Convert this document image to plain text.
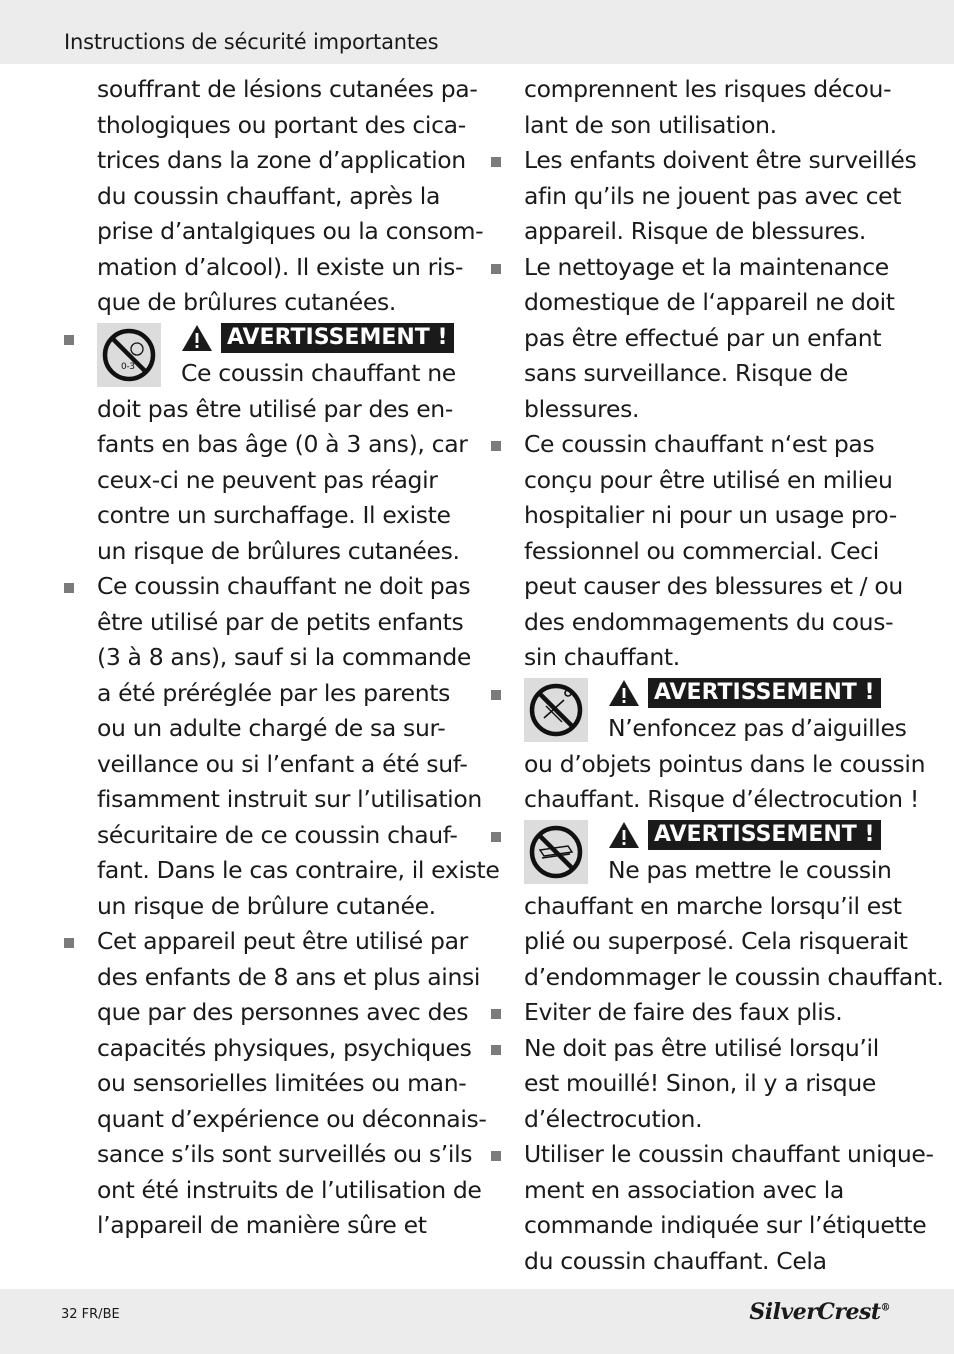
Instructions de sécurité importantes
souffrant de lésions cutanées pa-
thologiques ou portant des cica-
trices dans la zone d’application
du coussin chauffant, après la
prise d’antalgiques ou la consom-
mation d’alcool). Il existe un ris-
que de brûlures cutanées.
0-3
AVERTISSEMENT !
Ce coussin chauffant ne
doit pas être utilisé par des en-
fants en bas âge (0 à 3 ans), car
ceux-ci ne peuvent pas réagir
contre un surchaffage. Il existe
un risque de brûlures cutanées.
Ce coussin chauffant ne doit pas
être utilisé par de petits enfants
(3 à 8 ans), sauf si la commande
a été préréglée par les parents
ou un adulte chargé de sa sur-
veillance ou si l’enfant a été suf-
fisamment instruit sur l’utilisation
sécuritaire de ce coussin chauf-
fant. Dans le cas contraire, il existe
un risque de brûlure cutanée.
Cet appareil peut être utilisé par
des enfants de 8 ans et plus ainsi
que par des personnes avec des
capacités physiques, psychiques
ou sensorielles limitées ou man-
quant d’expérience ou déconnais-
sance s’ils sont surveillés ou s’ils
ont été instruits de l’utilisation de
l’appareil de manière sûre et
comprennent les risques décou-
lant de son utilisation.
Les enfants doivent être surveillés
afin qu’ils ne jouent pas avec cet
appareil. Risque de blessures.
Le nettoyage et la maintenance
domestique de l‘appareil ne doit
pas être effectué par un enfant
sans surveillance. Risque de
blessures.
Ce coussin chauffant n‘est pas
conçu pour être utilisé en milieu
hospitalier ni pour un usage pro-
fessionnel ou commercial. Ceci
peut causer des blessures et / ou
des endommagements du cous-
sin chauffant.
AVERTISSEMENT !
N’enfoncez pas d’aiguilles
ou d’objets pointus dans le coussin
chauffant. Risque d’électrocution !
AVERTISSEMENT !
Ne pas mettre le coussin
chauffant en marche lorsqu’il est
plié ou superposé. Cela risquerait
d’endommager le coussin chauffant.
Eviter de faire des faux plis.
Ne doit pas être utilisé lorsqu’il
est mouillé! Sinon, il y a risque
d’électrocution.
Utiliser le coussin chauffant unique-
ment en association avec la
commande indiquée sur l’étiquette
du coussin chauffant. Cela
32 FR/BE	SilverCrest®
